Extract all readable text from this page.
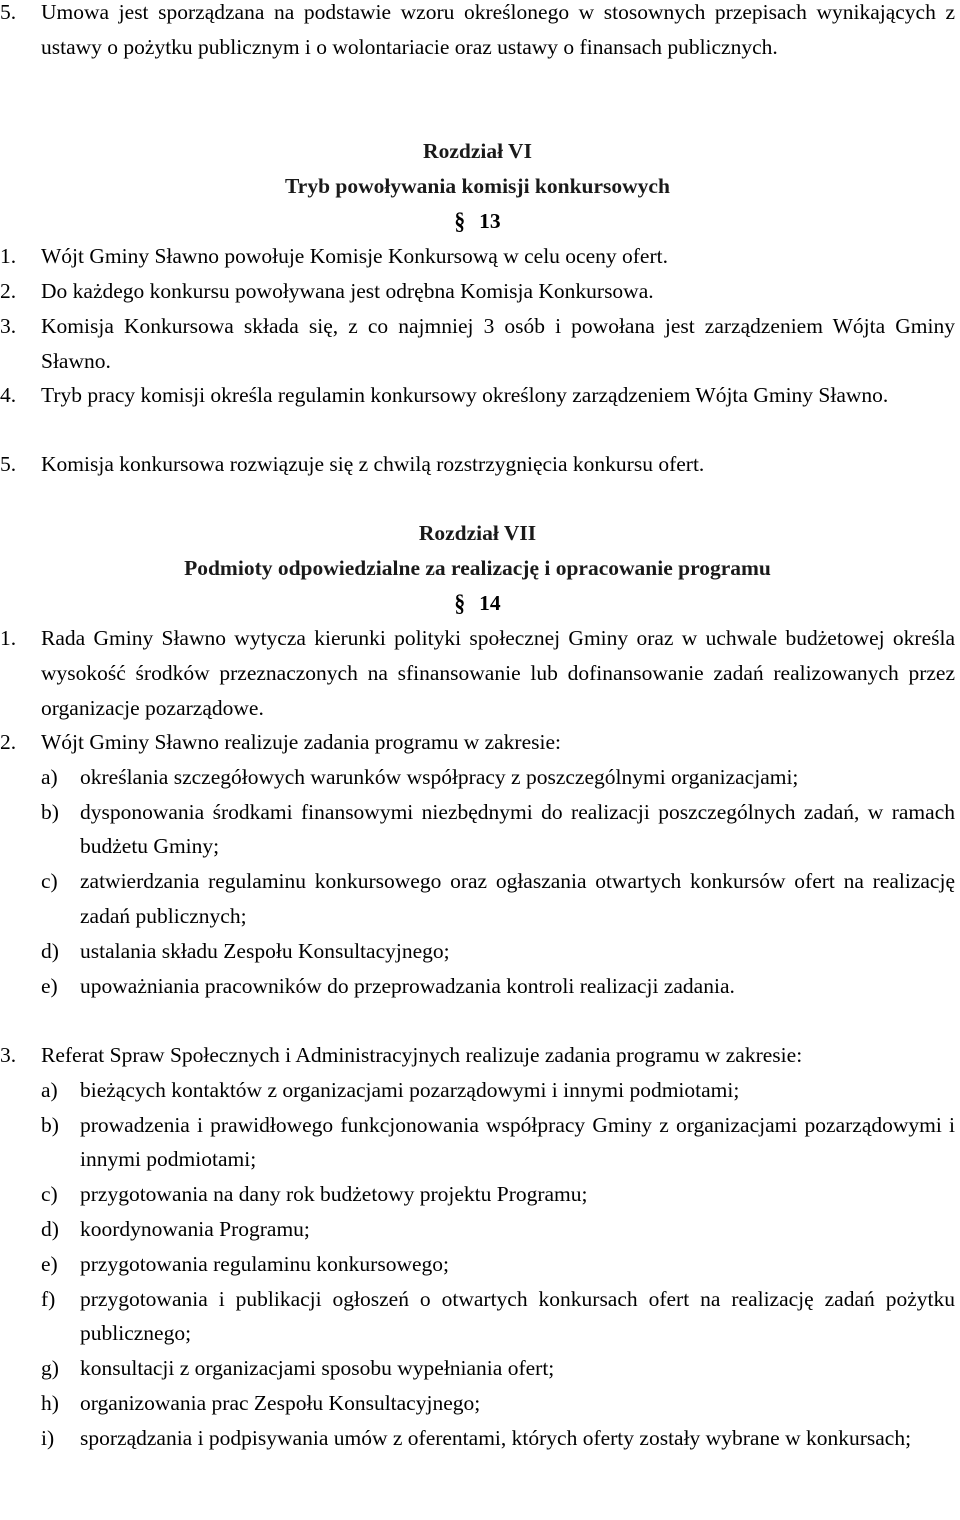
5.	Umowa jest sporządzana na podstawie wzoru określonego w stosownych przepisach wynikających z ustawy o pożytku publicznym i o wolontariacie oraz ustawy o finansach publicznych.
Rozdział VI
Tryb powoływania komisji konkursowych
§ 13
1.	Wójt Gminy Sławno powołuje Komisje Konkursową w celu oceny ofert.
2.	Do każdego konkursu powoływana jest odrębna Komisja Konkursowa.
3.	Komisja Konkursowa składa się, z co najmniej 3 osób i powołana jest zarządzeniem Wójta Gminy Sławno.
4.	Tryb pracy komisji określa regulamin konkursowy określony zarządzeniem Wójta Gminy Sławno.
5.	Komisja konkursowa rozwiązuje się z chwilą rozstrzygnięcia konkursu ofert.
Rozdział VII
Podmioty odpowiedzialne za realizację i opracowanie programu
§ 14
1.	Rada Gminy Sławno wytycza kierunki polityki społecznej Gminy oraz w uchwale budżetowej określa wysokość środków przeznaczonych na sfinansowanie lub dofinansowanie zadań realizowanych przez organizacje pozarządowe.
2.	Wójt Gminy Sławno realizuje zadania programu w zakresie:
a)	określania szczegółowych warunków współpracy z poszczególnymi organizacjami;
b) dysponowania środkami finansowymi niezbędnymi do realizacji poszczególnych zadań, w ramach budżetu Gminy;
c)	zatwierdzania regulaminu konkursowego oraz ogłaszania otwartych konkursów ofert na realizację zadań publicznych;
d) ustalania składu Zespołu Konsultacyjnego;
e)	upoważniania pracowników do przeprowadzania kontroli realizacji zadania.
3.	Referat Spraw Społecznych i Administracyjnych realizuje zadania programu w zakresie:
a)	bieżących kontaktów z organizacjami pozarządowymi i innymi podmiotami;
b) prowadzenia i prawidłowego funkcjonowania współpracy Gminy z organizacjami pozarządowymi i innymi podmiotami;
c)	przygotowania na dany rok budżetowy projektu Programu;
d) koordynowania Programu;
e)	przygotowania regulaminu konkursowego;
f)	przygotowania i publikacji ogłoszeń o otwartych konkursach ofert na realizację zadań pożytku publicznego;
g) konsultacji z organizacjami sposobu wypełniania ofert;
h) organizowania prac Zespołu Konsultacyjnego;
i)	sporządzania i podpisywania umów z oferentami, których oferty zostały wybrane w konkursach;
